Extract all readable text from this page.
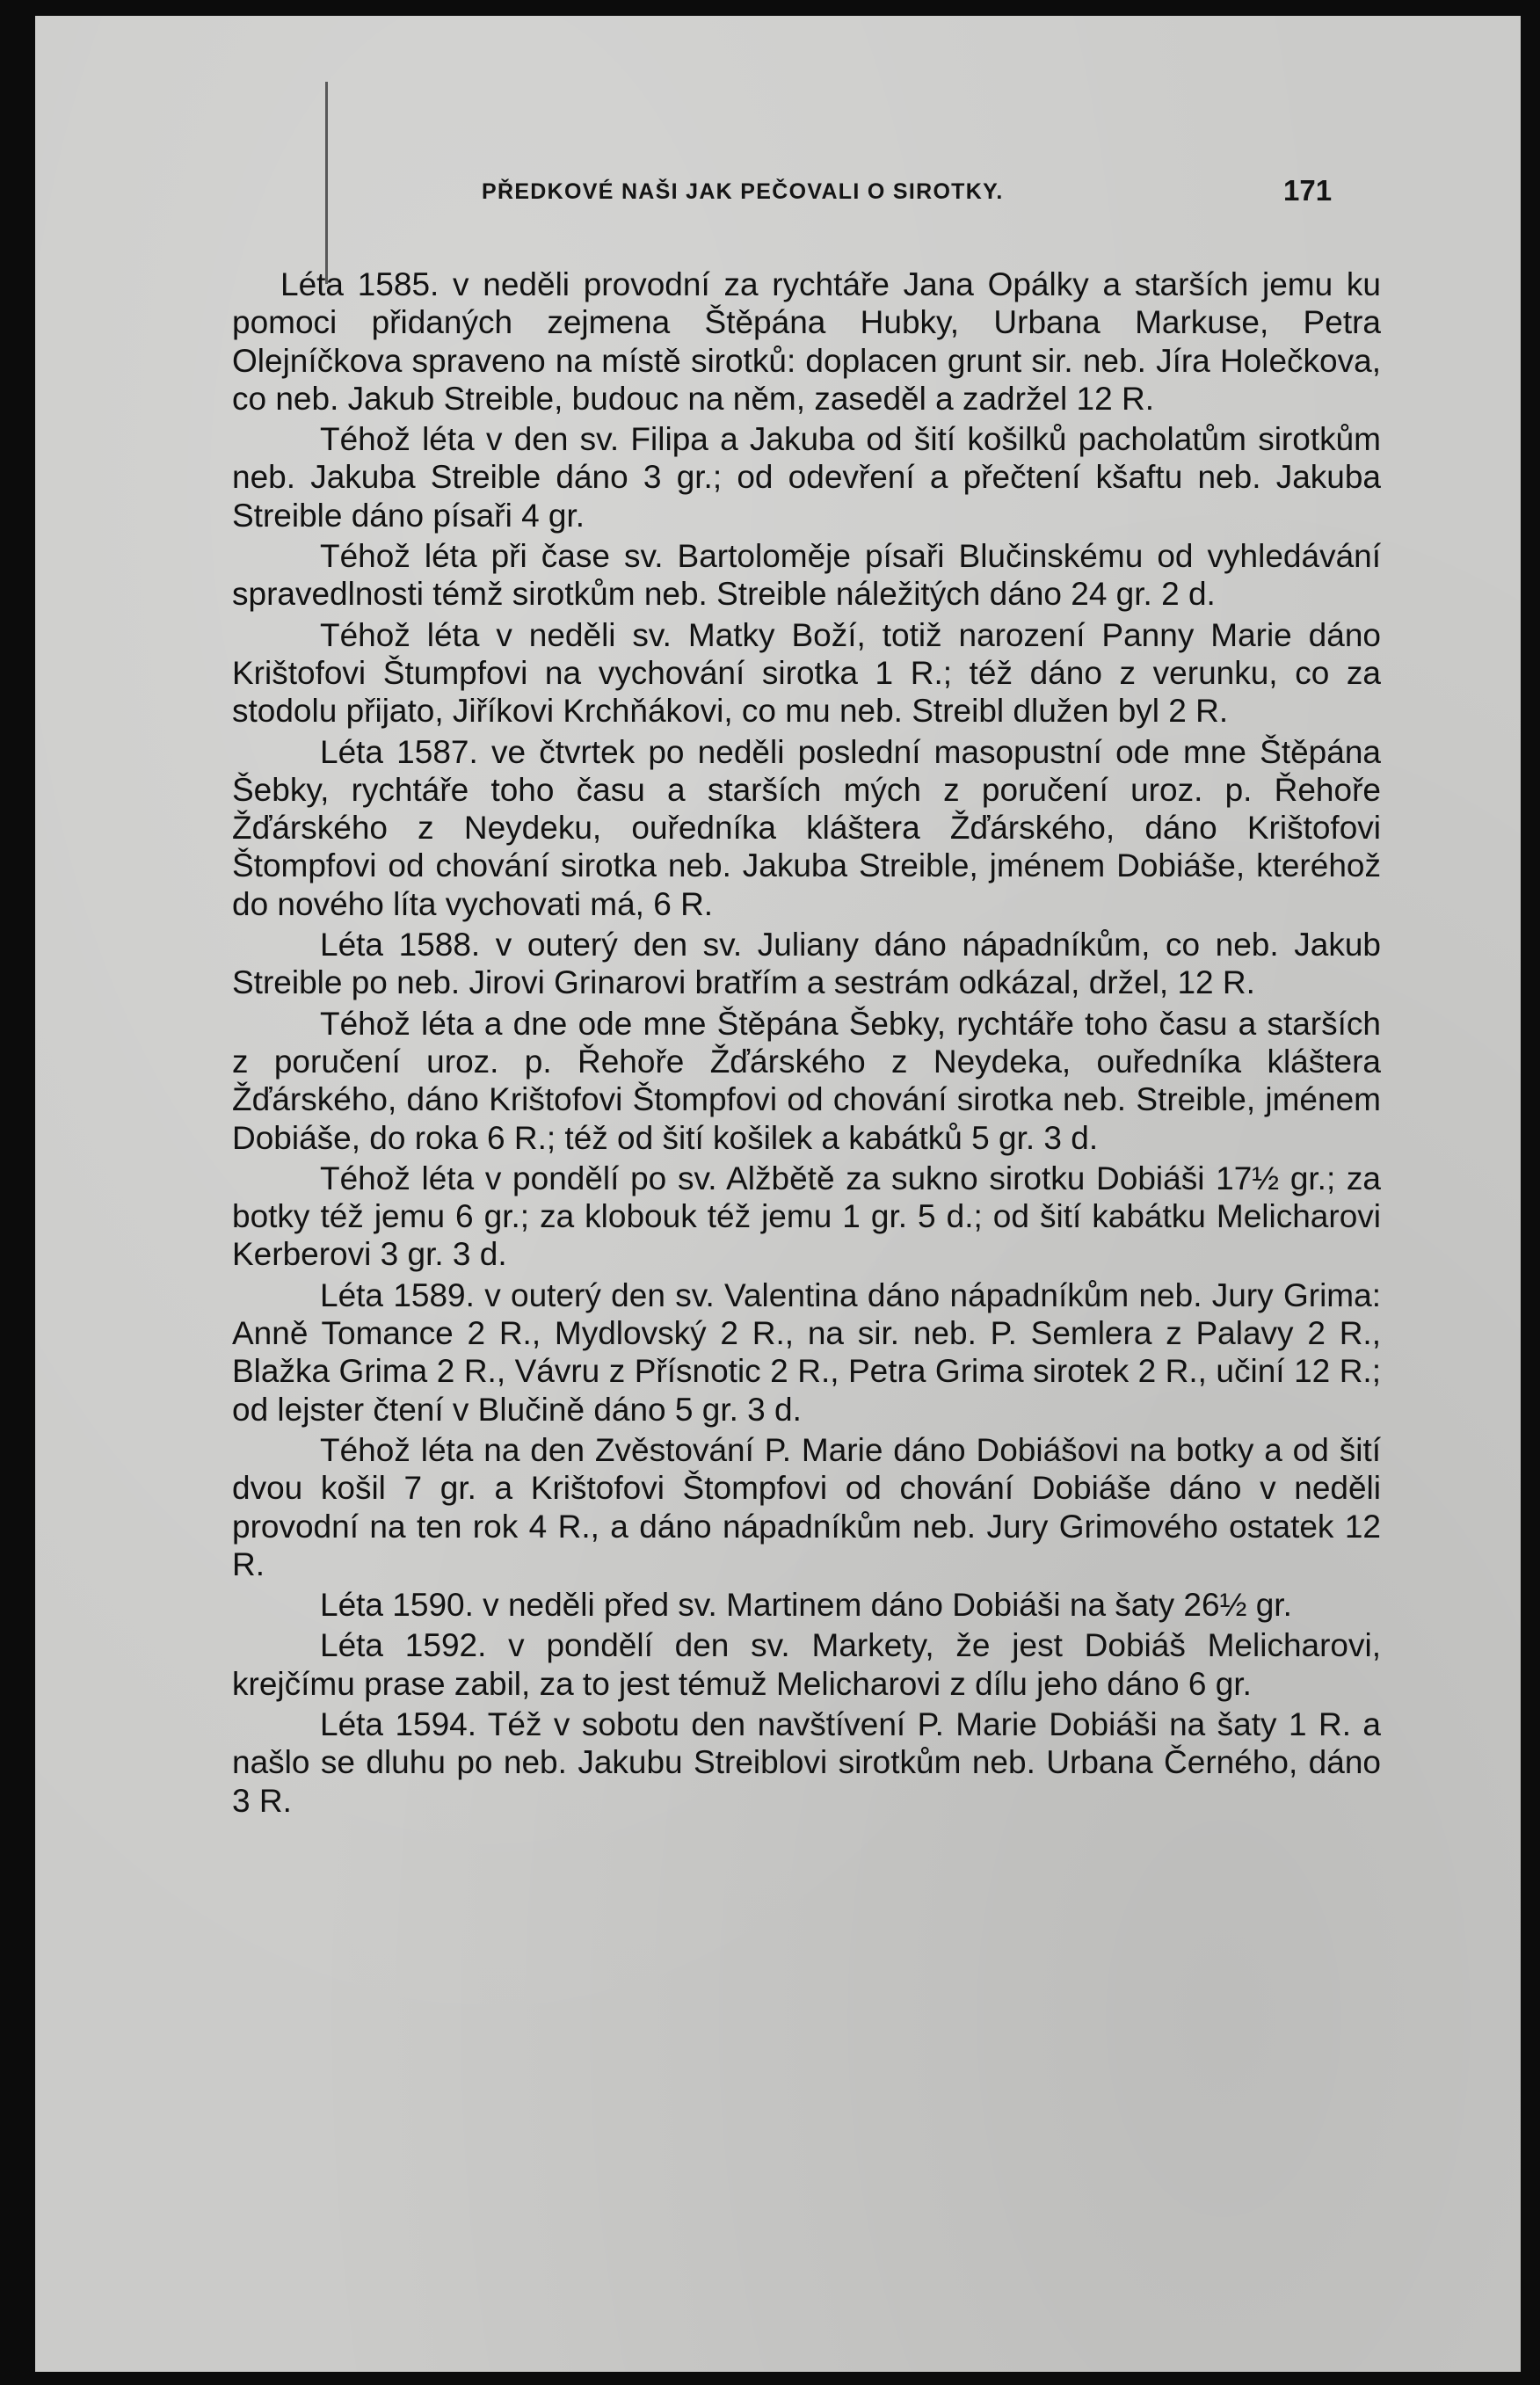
PŘEDKOVÉ NAŠI JAK PEČOVALI O SIROTKY.	171

Léta 1585. v neděli provodní za rychtáře Jana Opálky a starších jemu ku pomoci přidaných zejmena Štěpána Hubky, Urbana Markuse, Petra Olejníčkova spraveno na místě sirotků: doplacen grunt sir. neb. Jíra Holečkova, co neb. Jakub Streible, budouc na něm, zaseděl a zadržel 12 R.

Téhož léta v den sv. Filipa a Jakuba od šití košilků pacholatům sirotkům neb. Jakuba Streible dáno 3 gr.; od odevření a přečtení kšaftu neb. Jakuba Streible dáno písaři 4 gr.

Téhož léta při čase sv. Bartoloměje písaři Blučinskému od vyhledávání spravedlnosti témž sirotkům neb. Streible náležitých dáno 24 gr. 2 d.

Téhož léta v neděli sv. Matky Boží, totiž narození Panny Marie dáno Krištofovi Štumpfovi na vychování sirotka 1 R.; též dáno z verunku, co za stodolu přijato, Jiříkovi Krchňákovi, co mu neb. Streibl dlužen byl 2 R.

Léta 1587. ve čtvrtek po neděli poslední masopustní ode mne Štěpána Šebky, rychtáře toho času a starších mých z poručení uroz. p. Řehoře Žďárského z Neydeku, ouředníka kláštera Žďárského, dáno Krištofovi Štompfovi od chování sirotka neb. Jakuba Streible, jménem Dobiáše, kteréhož do nového líta vychovati má, 6 R.

Léta 1588. v outerý den sv. Juliany dáno nápadníkům, co neb. Jakub Streible po neb. Jirovi Grinarovi bratřím a sestrám odkázal, držel, 12 R.

Téhož léta a dne ode mne Štěpána Šebky, rychtáře toho času a starších z poručení uroz. p. Řehoře Žďárského z Neydeka, ouředníka kláštera Žďárského, dáno Krištofovi Štompfovi od chování sirotka neb. Streible, jménem Dobiáše, do roka 6 R.; též od šití košilek a kabátků 5 gr. 3 d.

Téhož léta v pondělí po sv. Alžbětě za sukno sirotku Dobiáši 17½ gr.; za botky též jemu 6 gr.; za klobouk též jemu 1 gr. 5 d.; od šití kabátku Melicharovi Kerberovi 3 gr. 3 d.

Léta 1589. v outerý den sv. Valentina dáno nápadníkům neb. Jury Grima: Anně Tomance 2 R., Mydlovský 2 R., na sir. neb. P. Semlera z Palavy 2 R., Blažka Grima 2 R., Vávru z Přísnotic 2 R., Petra Grima sirotek 2 R., učiní 12 R.; od lejster čtení v Blučině dáno 5 gr. 3 d.

Téhož léta na den Zvěstování P. Marie dáno Dobiášovi na botky a od šití dvou košil 7 gr. a Krištofovi Štompfovi od chování Dobiáše dáno v neděli provodní na ten rok 4 R., a dáno nápadníkům neb. Jury Grimového ostatek 12 R.

Léta 1590. v neděli před sv. Martinem dáno Dobiáši na šaty 26½ gr.

Léta 1592. v pondělí den sv. Markety, že jest Dobiáš Melicharovi, krejčímu prase zabil, za to jest témuž Melicharovi z dílu jeho dáno 6 gr.

Léta 1594. Též v sobotu den navštívení P. Marie Dobiáši na šaty 1 R. a našlo se dluhu po neb. Jakubu Streiblovi sirotkům neb. Urbana Černého, dáno 3 R.
